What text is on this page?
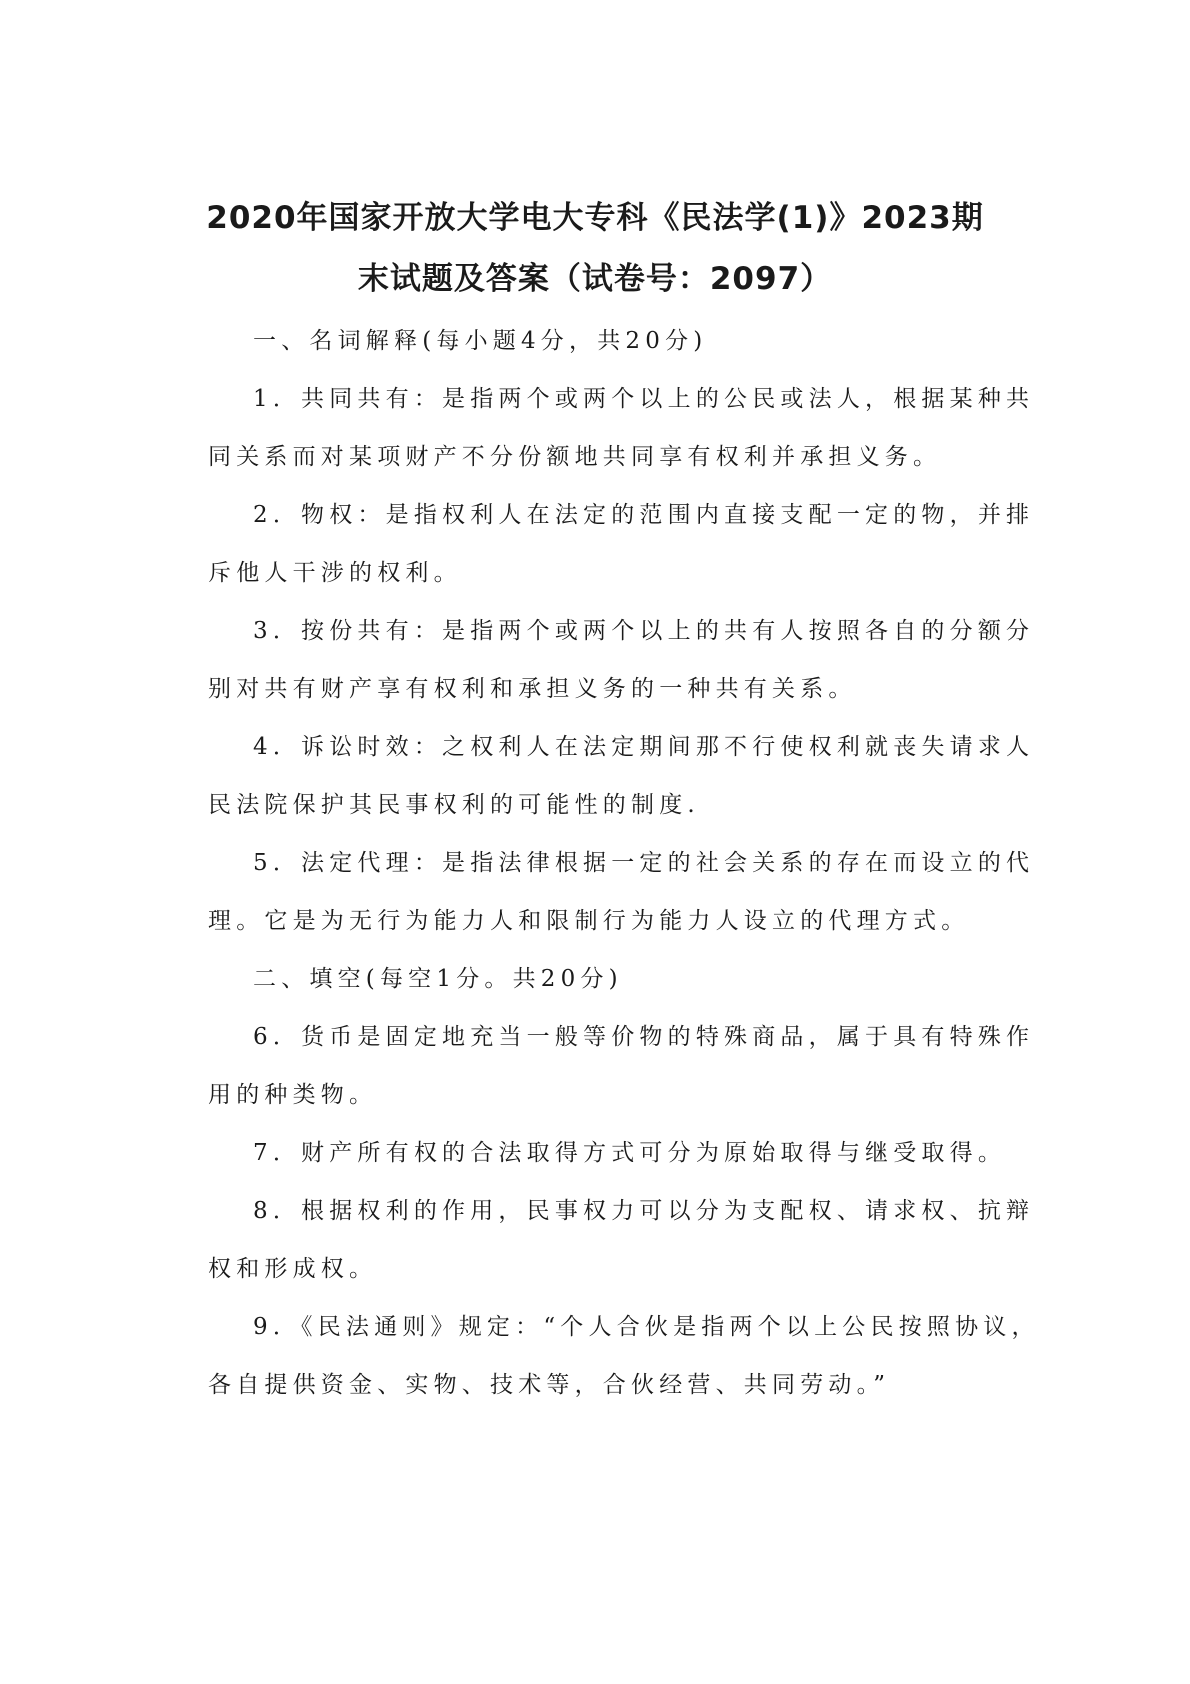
2020年国家开放大学电大专科《民法学(1)》2023期
末试题及答案（试卷号：2097）
一、名词解释(每小题4分，共20分)
1．共同共有：是指两个或两个以上的公民或法人，根据某种共
同关系而对某项财产不分份额地共同享有权利并承担义务。
2．物权：是指权利人在法定的范围内直接支配一定的物，并排
斥他人干涉的权利。
3．按份共有：是指两个或两个以上的共有人按照各自的分额分
别对共有财产享有权利和承担义务的一种共有关系。
4．诉讼时效：之权利人在法定期间那不行使权利就丧失请求人
民法院保护其民事权利的可能性的制度.
5．法定代理：是指法律根据一定的社会关系的存在而设立的代
理。它是为无行为能力人和限制行为能力人设立的代理方式。
二、填空(每空1分。共20分)
6．货币是固定地充当一般等价物的特殊商品，属于具有特殊作
用的种类物。
7．财产所有权的合法取得方式可分为原始取得与继受取得。
8．根据权利的作用，民事权力可以分为支配权、请求权、抗辩
权和形成权。
9．《民法通则》规定：“个人合伙是指两个以上公民按照协议，
各自提供资金、实物、技术等，合伙经营、共同劳动。”
